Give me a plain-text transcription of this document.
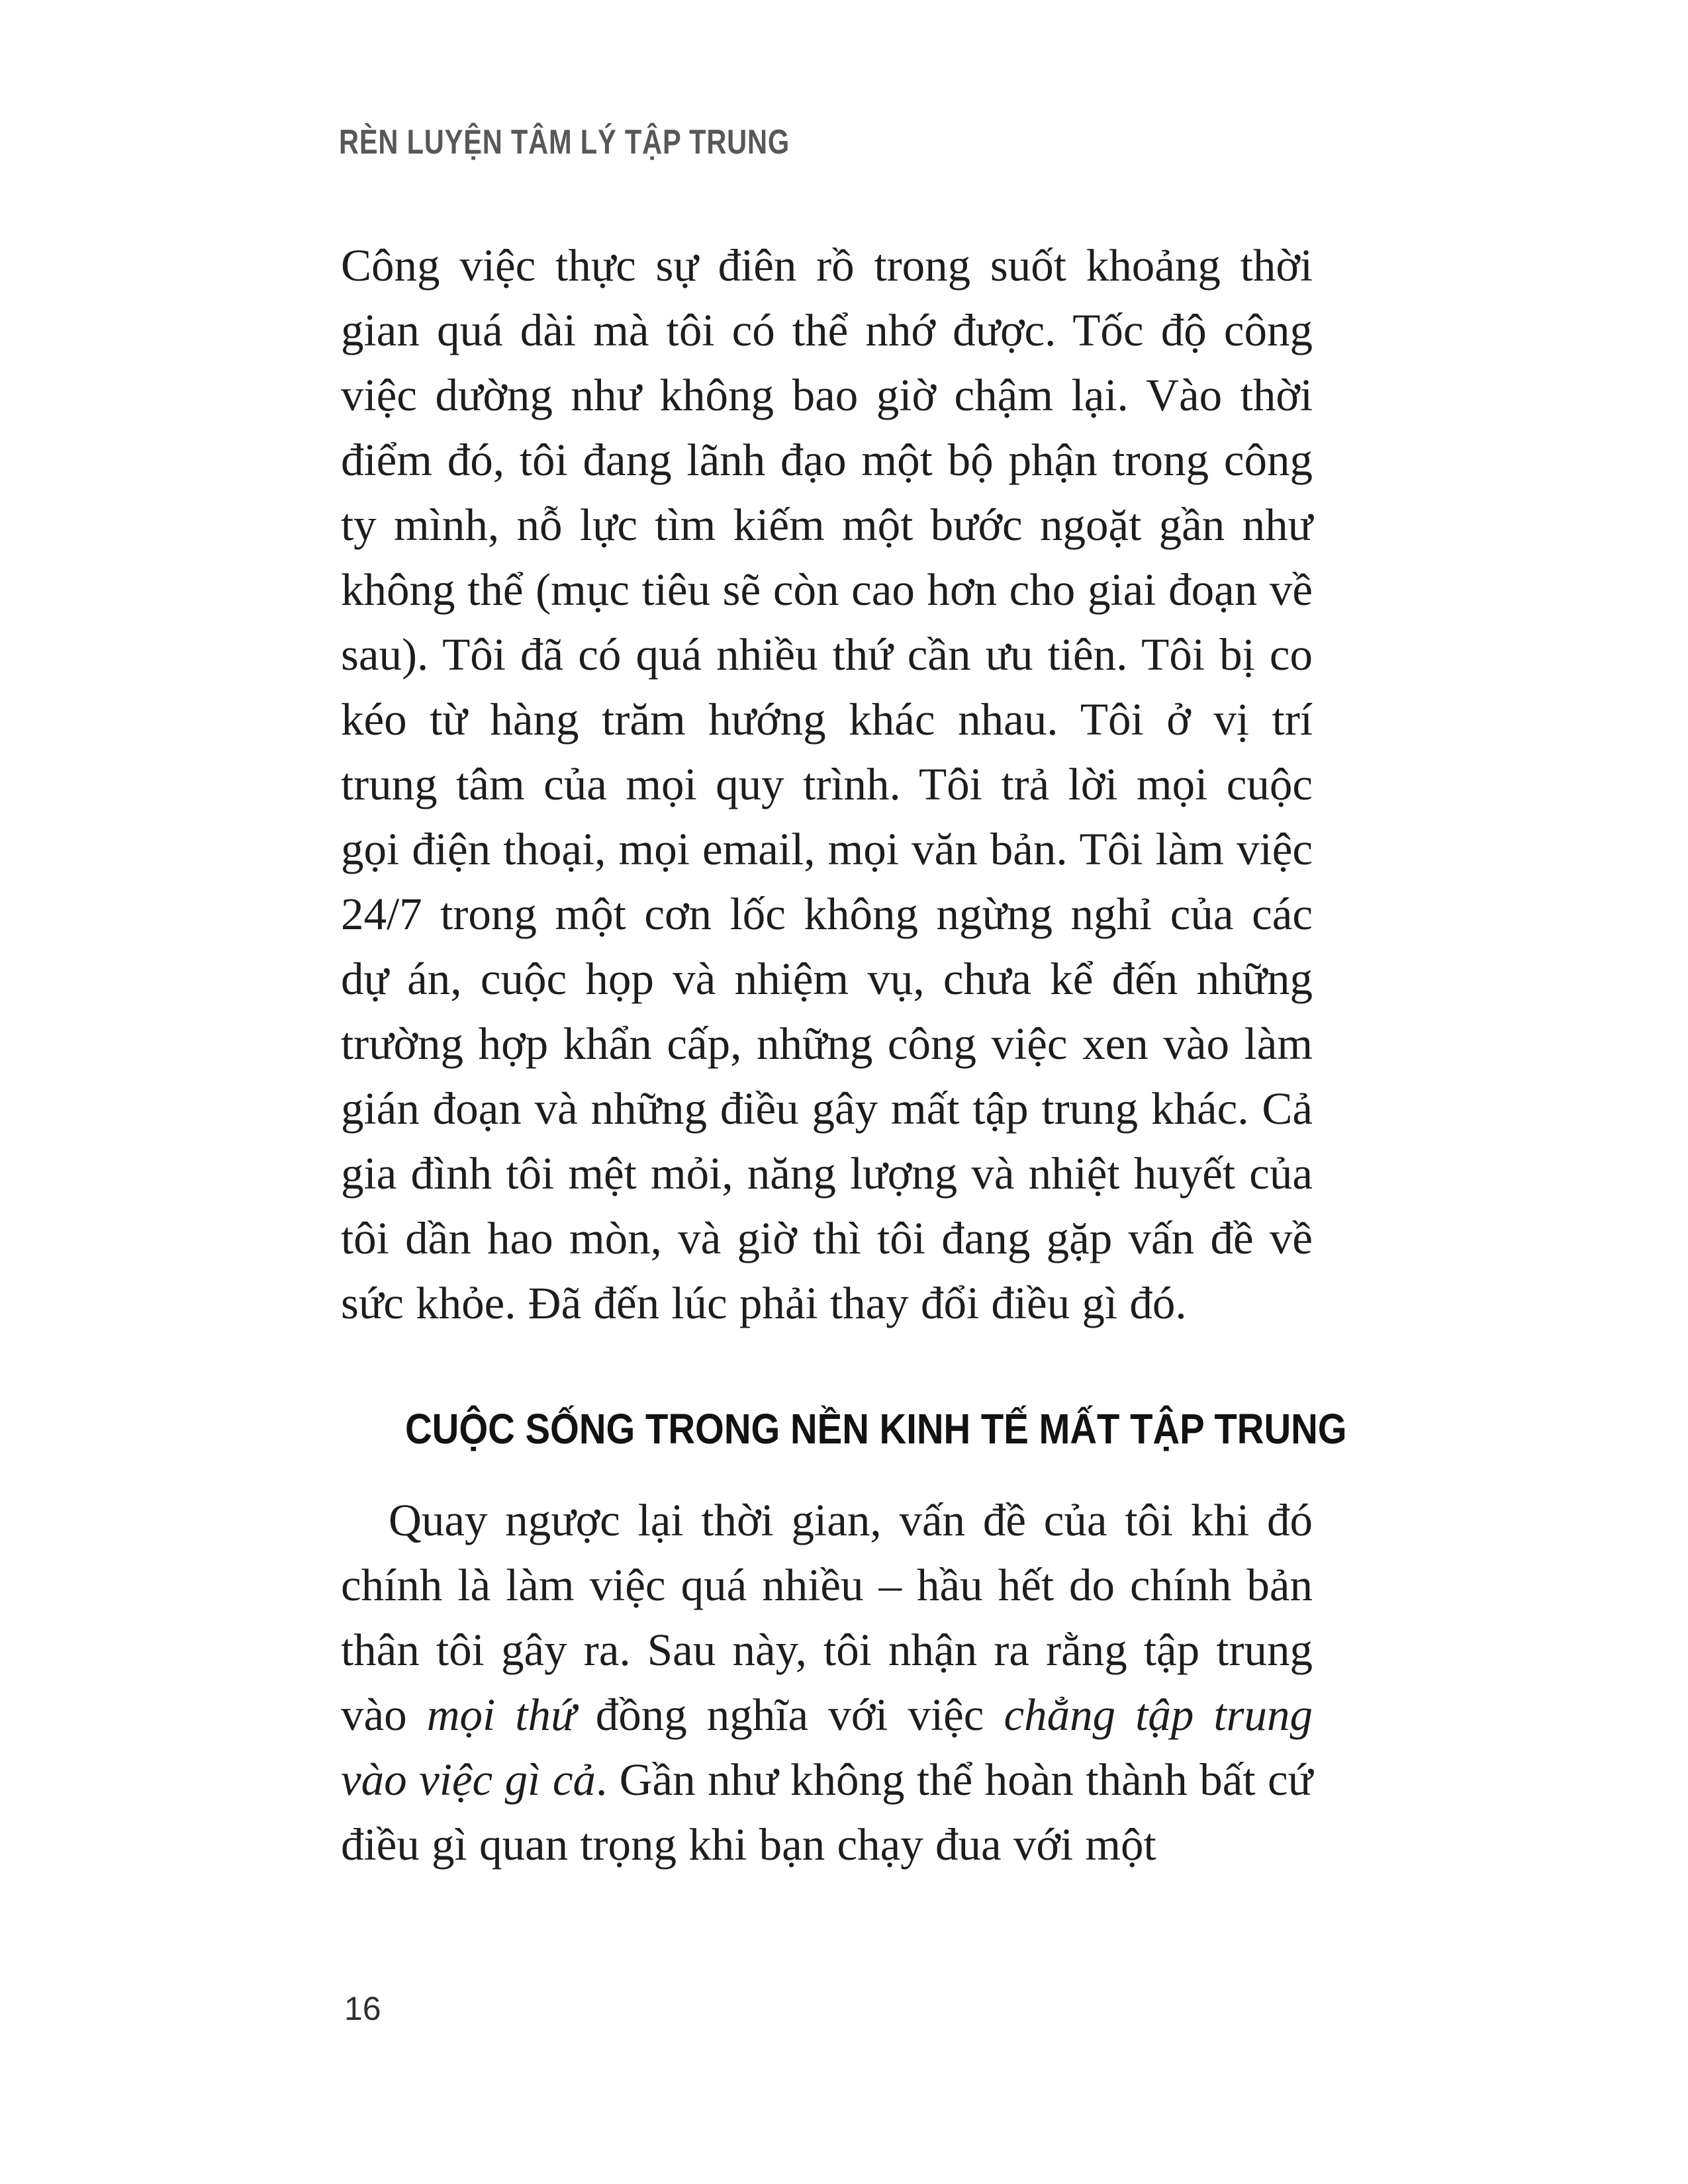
RÈN LUYỆN TÂM LÝ TẬP TRUNG

Công việc thực sự điên rồ trong suốt khoảng thời gian quá dài mà tôi có thể nhớ được. Tốc độ công việc dường như không bao giờ chậm lại. Vào thời điểm đó, tôi đang lãnh đạo một bộ phận trong công ty mình, nỗ lực tìm kiếm một bước ngoặt gần như không thể (mục tiêu sẽ còn cao hơn cho giai đoạn về sau). Tôi đã có quá nhiều thứ cần ưu tiên. Tôi bị co kéo từ hàng trăm hướng khác nhau. Tôi ở vị trí trung tâm của mọi quy trình. Tôi trả lời mọi cuộc gọi điện thoại, mọi email, mọi văn bản. Tôi làm việc 24/7 trong một cơn lốc không ngừng nghỉ của các dự án, cuộc họp và nhiệm vụ, chưa kể đến những trường hợp khẩn cấp, những công việc xen vào làm gián đoạn và những điều gây mất tập trung khác. Cả gia đình tôi mệt mỏi, năng lượng và nhiệt huyết của tôi dần hao mòn, và giờ thì tôi đang gặp vấn đề về sức khỏe. Đã đến lúc phải thay đổi điều gì đó.

CUỘC SỐNG TRONG NỀN KINH TẾ MẤT TẬP TRUNG

Quay ngược lại thời gian, vấn đề của tôi khi đó chính là làm việc quá nhiều – hầu hết do chính bản thân tôi gây ra. Sau này, tôi nhận ra rằng tập trung vào mọi thứ đồng nghĩa với việc chẳng tập trung vào việc gì cả. Gần như không thể hoàn thành bất cứ điều gì quan trọng khi bạn chạy đua với một

16
